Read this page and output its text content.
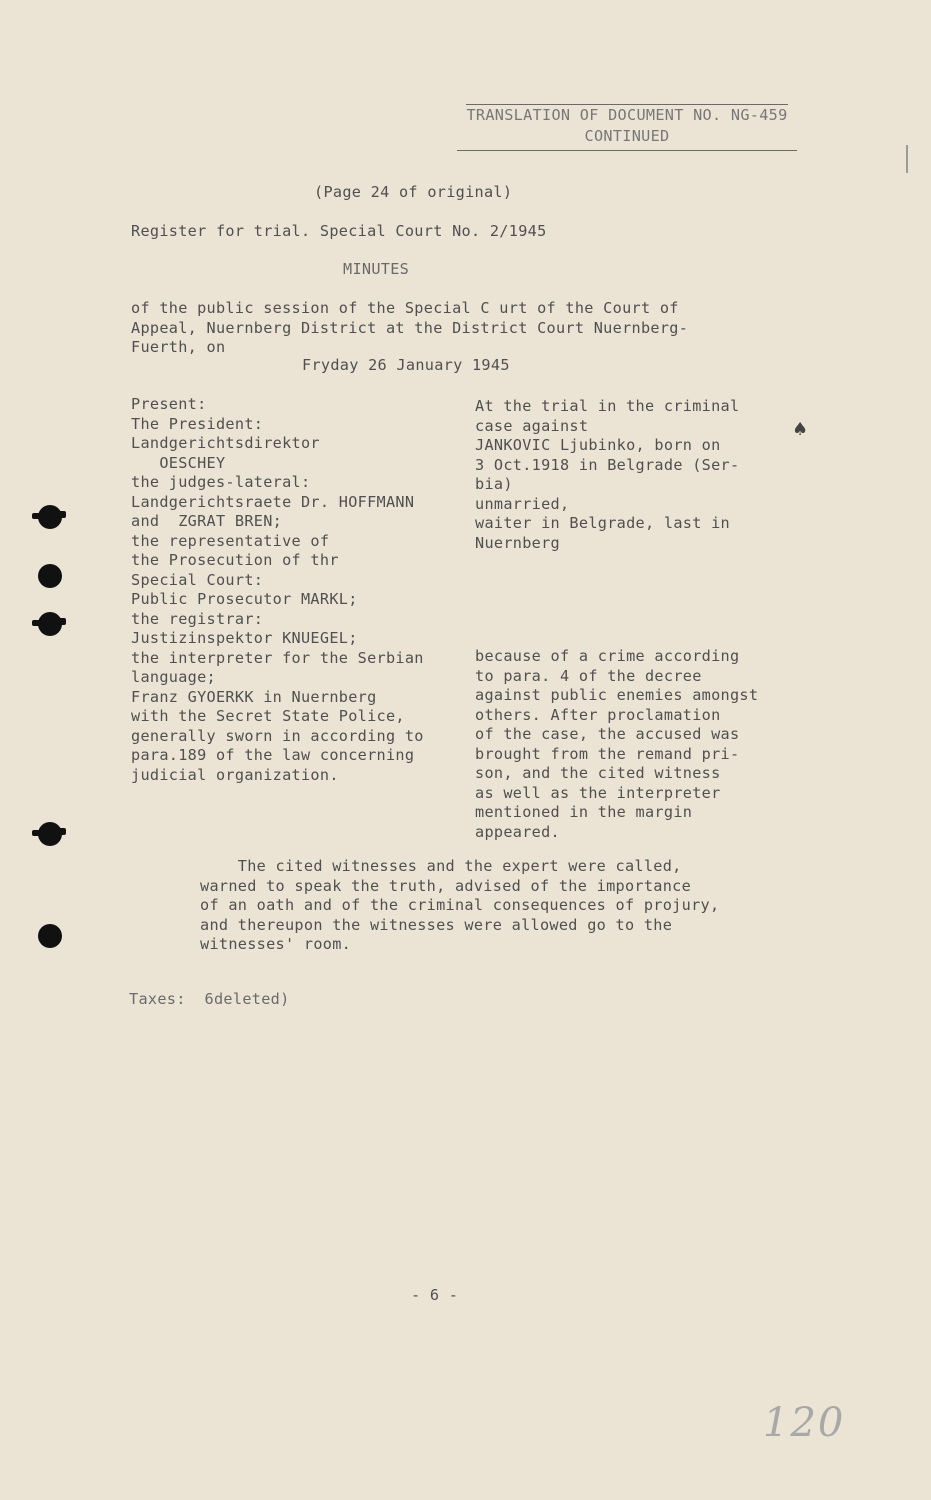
TRANSLATION OF DOCUMENT NO. NG-459
CONTINUED
(Page 24 of original)
Register for trial. Special Court No. 2/1945
MINUTES
of the public session of the Special C urt of the Court of
Appeal, Nuernberg District at the District Court Nuernberg-
Fuerth, on
Fryday 26 January 1945
Present:
The President:
Landgerichtsdirektor
OESCHEY
the judges-lateral:
Landgerichtsraete Dr. HOFFMANN
and  ZGRAT BREN;
the representative of
the Prosecution of thr
Special Court:
Public Prosecutor MARKL;
the registrar:
Justizinspektor KNUEGEL;
the interpreter for the Serbian
language;
Franz GYOERKK in Nuernberg
with the Secret State Police,
generally sworn in according to
para.189 of the law concerning
judicial organization.
At the trial in the criminal
case against
JANKOVIC Ljubinko, born on
3 Oct.1918 in Belgrade (Ser-
bia)
unmarried,
waiter in Belgrade, last in
Nuernberg
because of a crime according
to para. 4 of the decree
against public enemies amongst
others. After proclamation
of the case, the accused was
brought from the remand pri-
son, and the cited witness
as well as the interpreter
mentioned in the margin
appeared.
The cited witnesses and the expert were called,
warned to speak the truth, advised of the importance
of an oath and of the criminal consequences of projury,
and thereupon the witnesses were allowed go to the
witnesses' room.
Taxes:  6deleted)
- 6 -
120
♠
